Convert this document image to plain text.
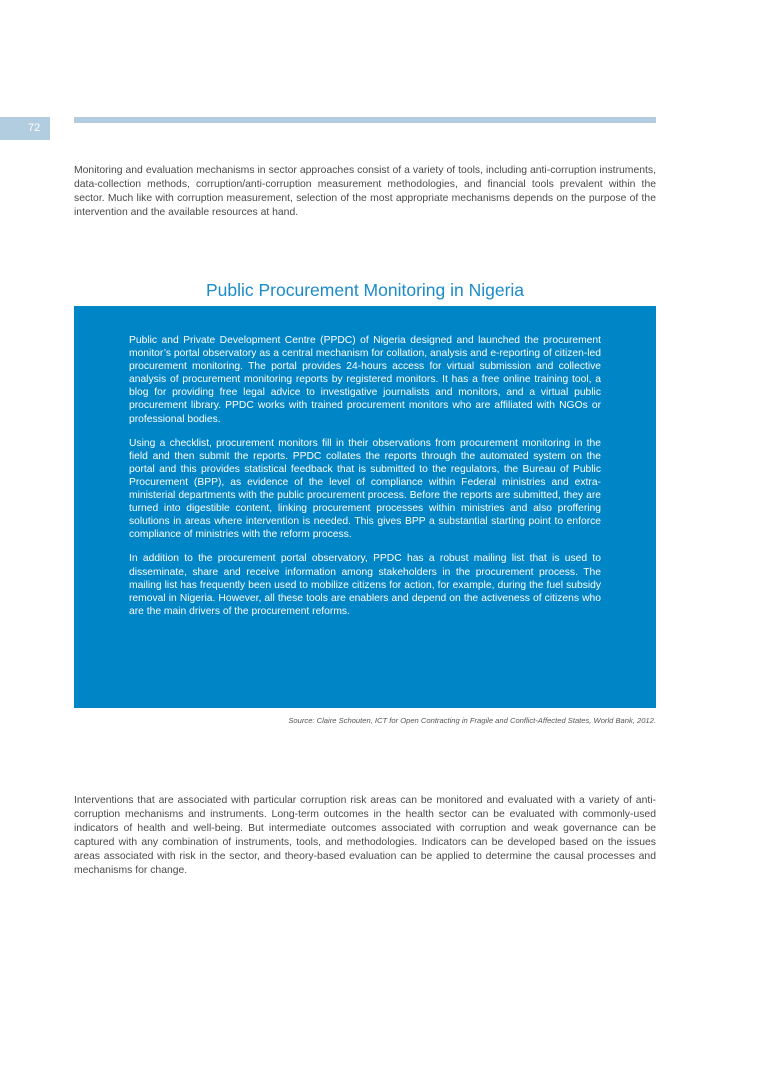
72

Monitoring and evaluation mechanisms in sector approaches consist of a variety of tools, including anti-corruption instruments, data-collection methods, corruption/anti-corruption measurement methodologies, and financial tools prevalent within the sector. Much like with corruption measurement, selection of the most appropriate mechanisms depends on the purpose of the intervention and the available resources at hand.

Public Procurement Monitoring in Nigeria

Public and Private Development Centre (PPDC) of Nigeria designed and launched the procurement monitor’s portal observatory as a central mechanism for collation, analysis and e-reporting of citizen-led procurement monitoring. The portal provides 24-hours access for virtual submission and collective analysis of procurement monitoring reports by registered monitors. It has a free online training tool, a blog for providing free legal advice to investigative journalists and monitors, and a virtual public procurement library. PPDC works with trained procurement monitors who are affiliated with NGOs or professional bodies.

Using a checklist, procurement monitors fill in their observations from procurement monitoring in the field and then submit the reports. PPDC collates the reports through the automated system on the portal and this provides statistical feedback that is submitted to the regulators, the Bureau of Public Procurement (BPP), as evidence of the level of compliance within Federal ministries and extra-ministerial departments with the public procurement process. Before the reports are submitted, they are turned into digestible content, linking procurement processes within ministries and also proffering solutions in areas where intervention is needed. This gives BPP a substantial starting point to enforce compliance of ministries with the reform process.

In addition to the procurement portal observatory, PPDC has a robust mailing list that is used to disseminate, share and receive information among stakeholders in the procurement process. The mailing list has frequently been used to mobilize citizens for action, for example, during the fuel subsidy removal in Nigeria. However, all these tools are enablers and depend on the activeness of citizens who are the main drivers of the procurement reforms.

Source: Claire Schouten, ICT for Open Contracting in Fragile and Conflict-Affected States, World Bank, 2012.

Interventions that are associated with particular corruption risk areas can be monitored and evaluated with a variety of anti-corruption mechanisms and instruments. Long-term outcomes in the health sector can be evaluated with commonly-used indicators of health and well-being. But intermediate outcomes associated with corruption and weak governance can be captured with any combination of instruments, tools, and methodologies. Indicators can be developed based on the issues areas associated with risk in the sector, and theory-based evaluation can be applied to determine the causal processes and mechanisms for change.
